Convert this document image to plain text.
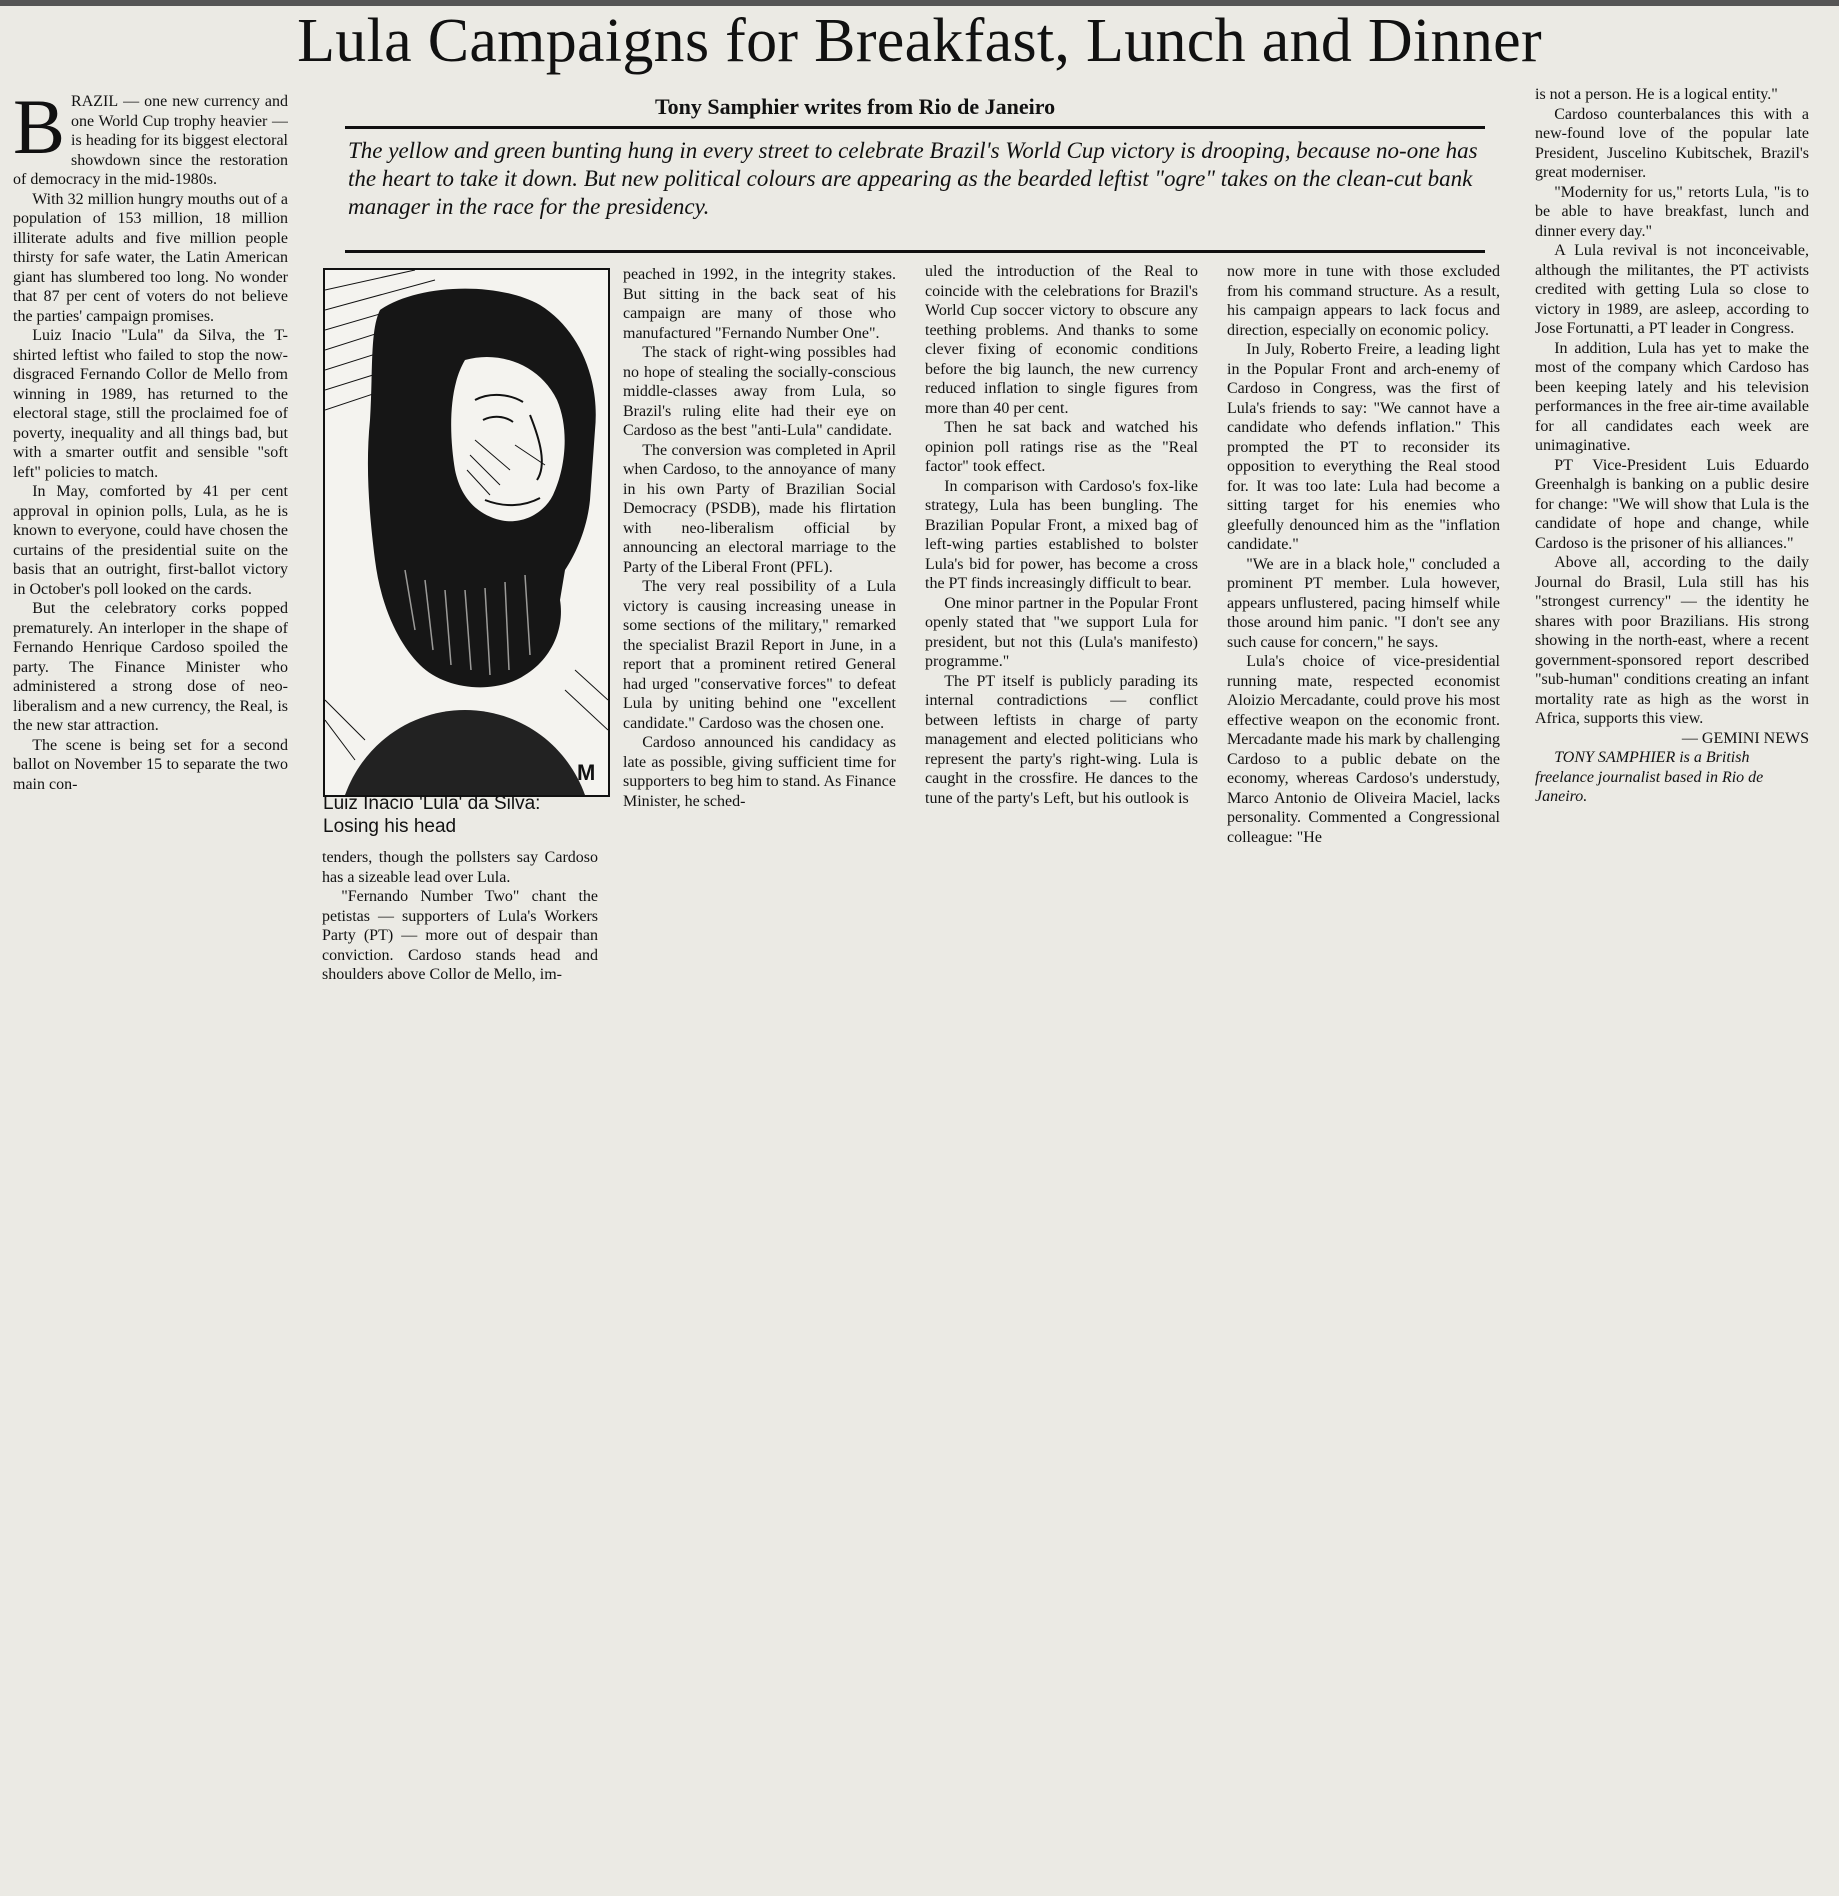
Lula Campaigns for Breakfast, Lunch and Dinner
Tony Samphier writes from Rio de Janeiro
The yellow and green bunting hung in every street to celebrate Brazil's World Cup victory is drooping, because no-one has the heart to take it down. But new political colours are appearing as the bearded leftist "ogre" takes on the clean-cut bank manager in the race for the presidency.

BRAZIL — one new currency and one World Cup trophy heavier — is heading for its biggest electoral showdown since the restoration of democracy in the mid-1980s.

With 32 million hungry mouths out of a population of 153 million, 18 million illiterate adults and five million people thirsty for safe water, the Latin American giant has slumbered too long. No wonder that 87 per cent of voters do not believe the parties' campaign promises.

Luiz Inacio "Lula" da Silva, the T-shirted leftist who failed to stop the now-disgraced Fernando Collor de Mello from winning in 1989, has returned to the electoral stage, still the proclaimed foe of poverty, inequality and all things bad, but with a smarter outfit and sensible "soft left" policies to match.

In May, comforted by 41 per cent approval in opinion polls, Lula, as he is known to everyone, could have chosen the curtains of the presidential suite on the basis that an outright, first-ballot victory in October's poll looked on the cards.

But the celebratory corks popped prematurely. An interloper in the shape of Fernando Henrique Cardoso spoiled the party. The Finance Minister who administered a strong dose of neo-liberalism and a new currency, the Real, is the new star attraction.

The scene is being set for a second ballot on November 15 to separate the two main con-	M
Luiz Inacio 'Lula' da Silva:
Losing his head

tenders, though the pollsters say Cardoso has a sizeable lead over Lula.

"Fernando Number Two" chant the petistas — supporters of Lula's Workers Party (PT) — more out of despair than conviction. Cardoso stands head and shoulders above Collor de Mello, im-

peached in 1992, in the integrity stakes. But sitting in the back seat of his campaign are many of those who manufactured "Fernando Number One".

The stack of right-wing possibles had no hope of stealing the socially-conscious middle-classes away from Lula, so Brazil's ruling elite had their eye on Cardoso as the best "anti-Lula" candidate.

The conversion was completed in April when Cardoso, to the annoyance of many in his own Party of Brazilian Social Democracy (PSDB), made his flirtation with neo-liberalism official by announcing an electoral marriage to the Party of the Liberal Front (PFL).

The very real possibility of a Lula victory is causing increasing unease in some sections of the military," remarked the specialist Brazil Report in June, in a report that a prominent retired General had urged "conservative forces" to defeat Lula by uniting behind one "excellent candidate." Cardoso was the chosen one.

Cardoso announced his candidacy as late as possible, giving sufficient time for supporters to beg him to stand. As Finance Minister, he sched-

uled the introduction of the Real to coincide with the celebrations for Brazil's World Cup soccer victory to obscure any teething problems. And thanks to some clever fixing of economic conditions before the big launch, the new currency reduced inflation to single figures from more than 40 per cent.

Then he sat back and watched his opinion poll ratings rise as the "Real factor" took effect.

In comparison with Cardoso's fox-like strategy, Lula has been bungling. The Brazilian Popular Front, a mixed bag of left-wing parties established to bolster Lula's bid for power, has become a cross the PT finds increasingly difficult to bear.

One minor partner in the Popular Front openly stated that "we support Lula for president, but not this (Lula's manifesto) programme."

The PT itself is publicly parading its internal contradictions — conflict between leftists in charge of party management and elected politicians who represent the party's right-wing. Lula is caught in the crossfire. He dances to the tune of the party's Left, but his outlook is

now more in tune with those excluded from his command structure. As a result, his campaign appears to lack focus and direction, especially on economic policy.

In July, Roberto Freire, a leading light in the Popular Front and arch-enemy of Cardoso in Congress, was the first of Lula's friends to say: "We cannot have a candidate who defends inflation." This prompted the PT to reconsider its opposition to everything the Real stood for. It was too late: Lula had become a sitting target for his enemies who gleefully denounced him as the "inflation candidate."

"We are in a black hole," concluded a prominent PT member. Lula however, appears unflustered, pacing himself while those around him panic. "I don't see any such cause for concern," he says.

Lula's choice of vice-presidential running mate, respected economist Aloizio Mercadante, could prove his most effective weapon on the economic front. Mercadante made his mark by challenging Cardoso to a public debate on the economy, whereas Cardoso's understudy, Marco Antonio de Oliveira Maciel, lacks personality. Commented a Congressional colleague: "He

is not a person. He is a logical entity."

Cardoso counterbalances this with a new-found love of the popular late President, Juscelino Kubitschek, Brazil's great moderniser.

"Modernity for us," retorts Lula, "is to be able to have breakfast, lunch and dinner every day."

A Lula revival is not inconceivable, although the militantes, the PT activists credited with getting Lula so close to victory in 1989, are asleep, according to Jose Fortunatti, a PT leader in Congress.

In addition, Lula has yet to make the most of the company which Cardoso has been keeping lately and his television performances in the free air-time available for all candidates each week are unimaginative.

PT Vice-President Luis Eduardo Greenhalgh is banking on a public desire for change: "We will show that Lula is the candidate of hope and change, while Cardoso is the prisoner of his alliances."

Above all, according to the daily Journal do Brasil, Lula still has his "strongest currency" — the identity he shares with poor Brazilians. His strong showing in the north-east, where a recent government-sponsored report described "sub-human" conditions creating an infant mortality rate as high as the worst in Africa, supports this view.

— GEMINI NEWS

TONY SAMPHIER is a British freelance journalist based in Rio de Janeiro.
